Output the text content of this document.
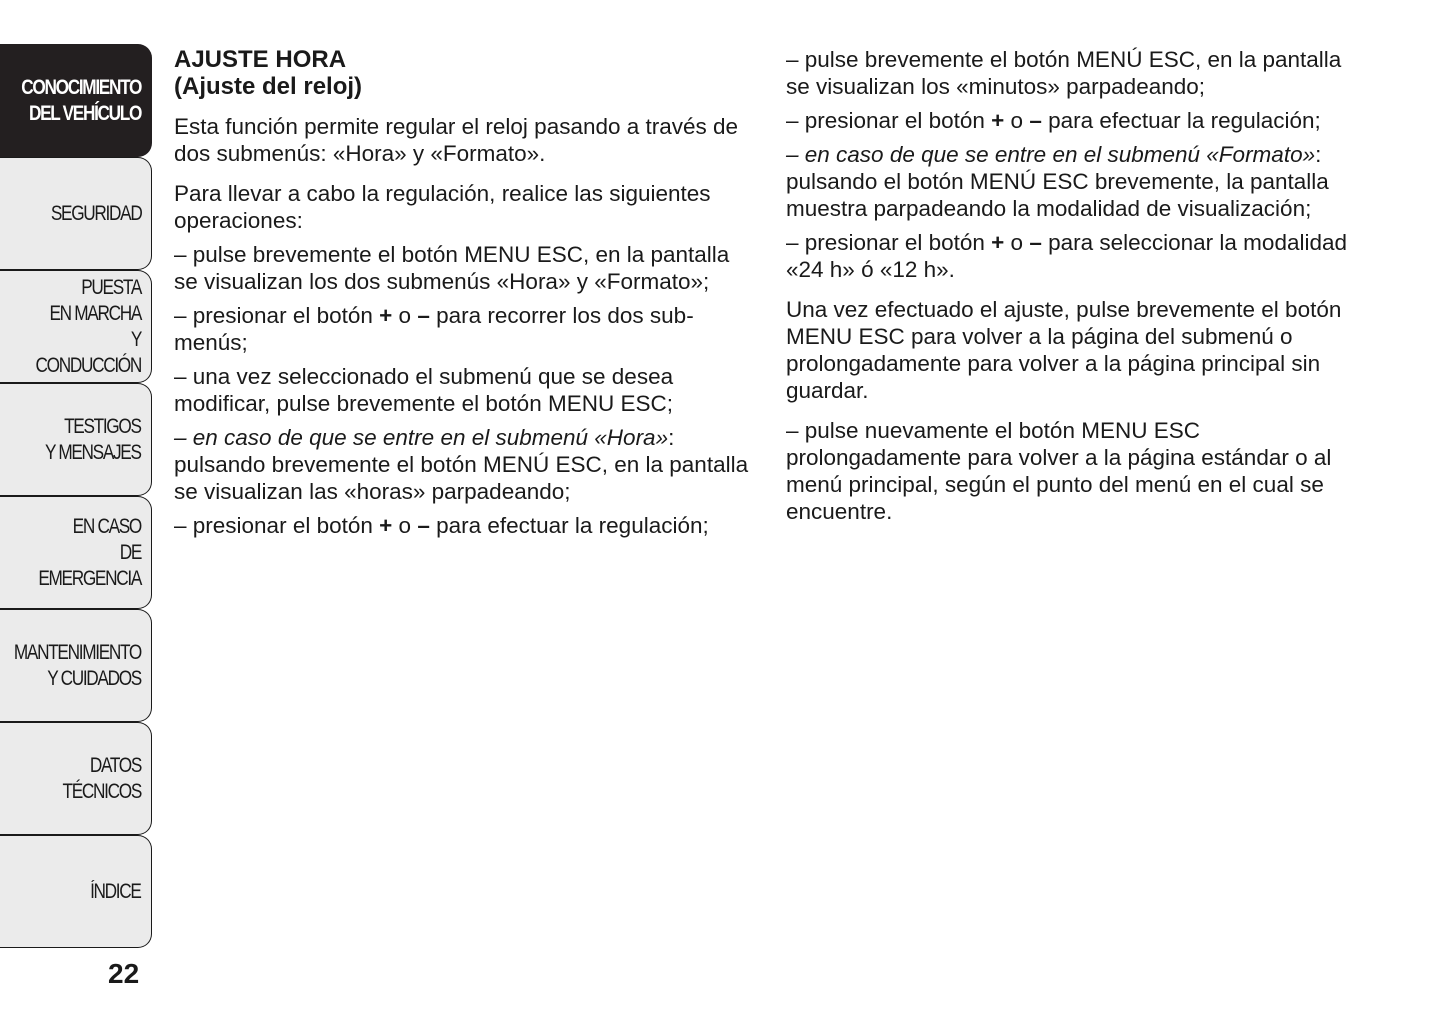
CONOCIMIENTO
DEL VEHÍCULO
SEGURIDAD
PUESTA
EN MARCHA
Y CONDUCCIÓN
TESTIGOS
Y MENSAJES
EN CASO
DE EMERGENCIA
MANTENIMIENTO
Y CUIDADOS
DATOS TÉCNICOS
ÍNDICE
22
AJUSTE HORA
(Ajuste del reloj)

Esta función permite regular el reloj pasando a través de dos submenús: «Hora» y «Formato».

Para llevar a cabo la regulación, realice las siguientes operaciones:

– pulse brevemente el botón MENU ESC, en la pantalla se visualizan los dos submenús «Hora» y «Formato»;

– presionar el botón + o – para recorrer los dos sub-menús;

– una vez seleccionado el submenú que se desea modificar, pulse brevemente el botón MENU ESC;

– en caso de que se entre en el submenú «Hora»: pulsando brevemente el botón MENÚ ESC, en la pantalla se visualizan las «horas» parpadeando;

– presionar el botón + o – para efectuar la regulación;

– pulse brevemente el botón MENÚ ESC, en la pantalla se visualizan los «minutos» parpadeando;

– presionar el botón + o – para efectuar la regulación;

– en caso de que se entre en el submenú «Formato»: pulsando el botón MENÚ ESC brevemente, la pantalla muestra parpadeando la modalidad de visualización;

– presionar el botón + o – para seleccionar la modalidad «24 h» ó «12 h».

Una vez efectuado el ajuste, pulse brevemente el botón MENU ESC para volver a la página del submenú o prolongadamente para volver a la página principal sin guardar.

– pulse nuevamente el botón MENU ESC prolongadamente para volver a la página estándar o al menú principal, según el punto del menú en el cual se encuentre.
